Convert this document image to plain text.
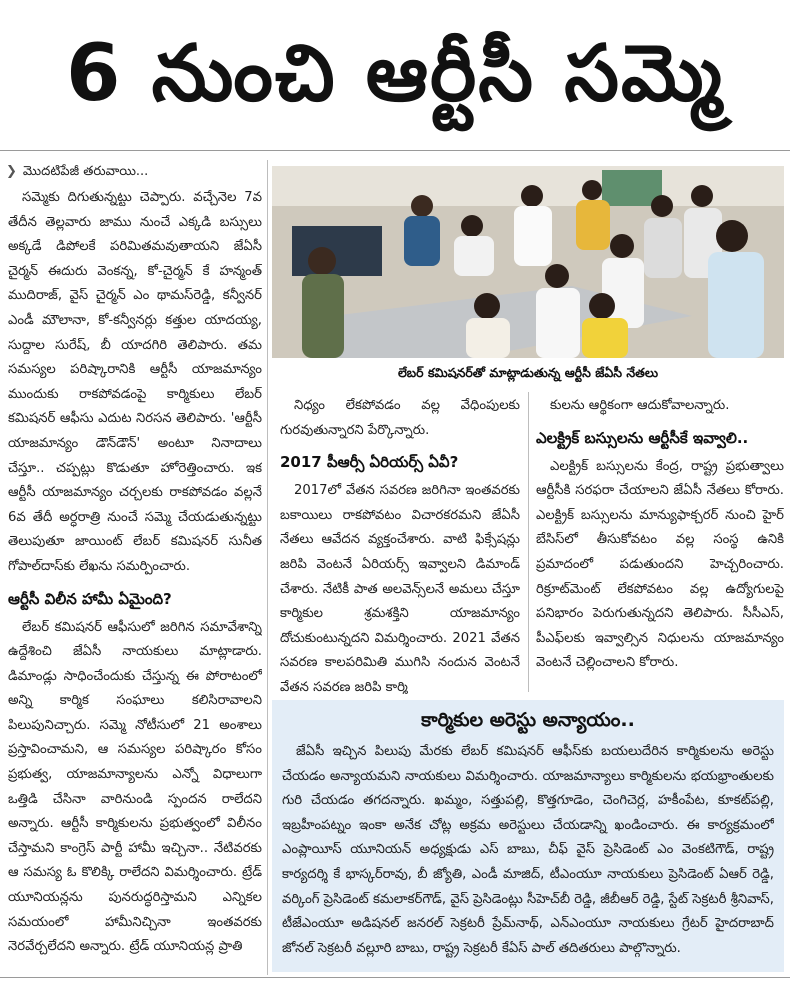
6 నుంచి ఆర్టీసీ సమ్మె
❯ మొదటిపేజీ తరువాయి...

సమ్మెకు దిగుతున్నట్టు చెప్పారు. వచ్చేనెల 7వ తేదీన తెల్లవారు జాము నుంచే ఎక్కడి బస్సులు అక్కడే డిపోలకే పరిమితమవుతాయని జేఏసీ చైర్మన్ ఈదురు వెంకన్న, కో-చైర్మన్ కే హన్మంత్ ముదిరాజ్, వైస్ చైర్మన్ ఎం థామస్‌రెడ్డి, కన్వీనర్ ఎండీ మౌలానా, కో-కన్వీనర్లు కత్తుల యాదయ్య, సుద్దాల సురేష్, బీ యాదగిరి తెలిపారు. తమ సమస్యల పరిష్కారానికి ఆర్టీసీ యాజమాన్యం ముందుకు రాకపోవడంపై కార్మికులు లేబర్ కమిషనర్ ఆఫీసు ఎదుట నిరసన తెలిపారు. 'ఆర్టీసీ యాజమాన్యం డౌన్‌డౌన్' అంటూ నినాదాలు చేస్తూ.. చప్పట్లు కొడుతూ హోరెత్తించారు. ఇక ఆర్టీసీ యాజమాన్యం చర్చలకు రాకపోవడం వల్లనే 6వ తేదీ అర్ధరాత్రి నుంచే సమ్మె చేయడుతున్నట్టు తెలుపుతూ జాయింట్ లేబర్ కమిషనర్ సునీత గోపాల్‌దాస్‌కు లేఖను సమర్పించారు.

ఆర్టీసీ విలీన హామీ ఏమైంది?

లేబర్ కమిషనర్ ఆఫీసులో జరిగిన సమావేశాన్ని ఉద్దేశించి జేఏసీ నాయకులు మాట్లాడారు. డిమాండ్లు సాధించేందుకు చేస్తున్న ఈ పోరాటంలో అన్ని కార్మిక సంఘాలు కలిసిరావాలని పిలుపునిచ్చారు. సమ్మె నోటీసులో 21 అంశాలు ప్రస్తావించామని, ఆ సమస్యల పరిష్కారం కోసం ప్రభుత్వ, యాజమాన్యాలను ఎన్నో విధాలుగా ఒత్తిడి చేసినా వారినుండి స్పందన రాలేదని అన్నారు. ఆర్టీసీ కార్మికులను ప్రభుత్వంలో విలీనం చేస్తామని కాంగ్రెస్ పార్టీ హామీ ఇచ్చినా.. నేటివరకు ఆ సమస్య ఓ కొలిక్కి రాలేదని విమర్శించారు. ట్రేడ్ యూనియన్లను పునరుద్ధరిస్తామని ఎన్నికల సమయంలో హామీనిచ్చినా ఇంతవరకు నెరవేర్చలేదని అన్నారు. ట్రేడ్ యూనియన్ల ప్రాతి

లేబర్ కమిషనర్‌తో మాట్లాడుతున్న ఆర్టీసీ జేఏసీ నేతలు

నిధ్యం లేకపోవడం వల్ల వేధింపులకు గురవుతున్నారని పేర్కొన్నారు.

2017 పీఆర్సీ ఏరియర్స్ ఏవీ?

2017లో వేతన సవరణ జరిగినా ఇంతవరకు బకాయిలు రాకపోవటం విచారకరమని జేఏసీ నేతలు ఆవేదన వ్యక్తంచేశారు. వాటి ఫిక్సేషన్లు జరిపి వెంటనే ఏరియర్స్ ఇవ్వాలని డిమాండ్ చేశారు. నేటికీ పాత అలవెన్స్‌లనే అమలు చేస్తూ కార్మికుల శ్రమశక్తిని యాజమాన్యం దోచుకుంటున్నదని విమర్శించారు. 2021 వేతన సవరణ కాలపరిమితి ముగిసి నందున వెంటనే వేతన సవరణ జరిపి కార్మి

కులను ఆర్థికంగా ఆదుకోవాలన్నారు.

ఎలక్ట్రిక్ బస్సులను ఆర్టీసీకే ఇవ్వాలి..

ఎలక్ట్రిక్ బస్సులను కేంద్ర, రాష్ట్ర ప్రభుత్వాలు ఆర్టీసీకి సరఫరా చేయాలని జేఏసీ నేతలు కోరారు. ఎలక్ట్రిక్ బస్సులను మాన్యుఫాక్చరర్ నుంచి హైర్ బేసిస్‌లో తీసుకోవటం వల్ల సంస్థ ఉనికి ప్రమాదంలో పడుతుందని హెచ్చరించారు. రిక్రూట్‌మెంట్ లేకపోవటం వల్ల ఉద్యోగులపై పనిభారం పెరుగుతున్నదని తెలిపారు. సీసీఎస్, పీఎఫ్‌లకు ఇవ్వాల్సిన నిధులను యాజమాన్యం వెంటనే చెల్లించాలని కోరారు.

కార్మికుల అరెస్టు అన్యాయం..

జేఏసీ ఇచ్చిన పిలుపు మేరకు లేబర్ కమిషనర్ ఆఫీస్‌కు బయలుదేరిన కార్మికులను అరెస్టు చేయడం అన్యాయమని నాయకులు విమర్శించారు. యాజమాన్యాలు కార్మికులను భయభ్రాంతులకు గురి చేయడం తగదన్నారు. ఖమ్మం, సత్తుపల్లి, కొత్తగూడెం, చెంగిచెర్ల, హకీంపేట, కూకట్‌పల్లి, ఇబ్రహీంపట్నం ఇంకా అనేక చోట్ల అక్రమ అరెస్టులు చేయడాన్ని ఖండించారు. ఈ కార్యక్రమంలో ఎంప్లాయీస్ యూనియన్ అధ్యక్షుడు ఎస్ బాబు, చీఫ్ వైస్ ప్రెసిడెంట్ ఎం వెంకటిగౌడ్, రాష్ట్ర కార్యదర్శి కే భాస్కర్‌రావు, బీ జ్యోతి, ఎండీ మాజిద్, టీఎంయూ నాయకులు ప్రెసిడెంట్ ఏఆర్ రెడ్డి, వర్కింగ్ ప్రెసిడెంట్ కమలాకర్‌గౌడ్, వైస్ ప్రెసిడెంట్లు సీహెచ్‌బీ రెడ్డి, జీబీఆర్ రెడ్డి, స్టేట్ సెక్రటరీ శ్రీనివాస్, టీజేఎంయూ అడిషనల్ జనరల్ సెక్రటరీ ప్రేమ్‌నాథ్, ఎన్ఎంయూ నాయకులు గ్రేటర్ హైదరాబాద్ జోనల్ సెక్రటరీ వల్లూరి బాబు, రాష్ట్ర సెక్రటరీ కేఏస్ పాల్ తదితరులు పాల్గొన్నారు.
